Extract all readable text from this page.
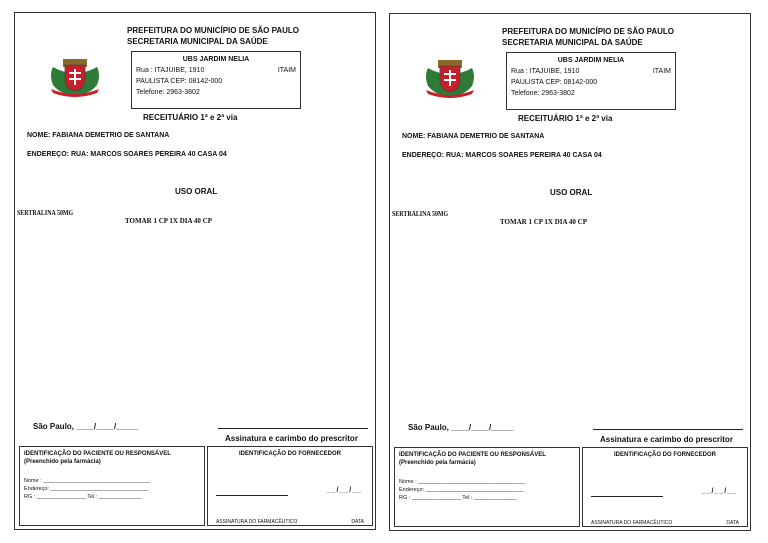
PREFEITURA DO MUNICÍPIO DE SÃO PAULO
SECRETARIA MUNICIPAL DA SAÚDE
UBS JARDIM NELIA
Rua : ITAJUIBE, 1910	ITAIM
PAULISTA CEP: 08142-000
Telefone: 2963-3802
RECEITUÁRIO 1ª e 2ª via
NOME: FABIANA DEMETRIO DE SANTANA
ENDEREÇO: RUA: MARCOS SOARES PEREIRA 40 CASA 04
USO ORAL
SERTRALINA 50MG
TOMAR 1 CP 1X DIA 40 CP
São Paulo, ____/____/_____
Assinatura e carimbo do prescritor
IDENTIFICAÇÃO DO PACIENTE OU RESPONSÁVEL
(Preenchido pela farmácia)
Nome : ___________________________________
Endereço: ________________________________
RG : ________________ Tel.: ______________
IDENTIFICAÇÃO DO FORNECEDOR
__/__/__
ASSINATURA DO FARMACÊUTICO	DATA
PREFEITURA DO MUNICÍPIO DE SÃO PAULO
SECRETARIA MUNICIPAL DA SAÚDE
UBS JARDIM NELIA
Rua : ITAJUIBE, 1910	ITAIM
PAULISTA CEP: 08142-000
Telefone: 2963-3802
RECEITUÁRIO 1ª e 2ª via
NOME: FABIANA DEMETRIO DE SANTANA
ENDEREÇO: RUA: MARCOS SOARES PEREIRA 40 CASA 04
USO ORAL
SERTRALINA 50MG
TOMAR 1 CP 1X DIA 40 CP
São Paulo, ____/____/_____
Assinatura e carimbo do prescritor
IDENTIFICAÇÃO DO PACIENTE OU RESPONSÁVEL
(Preenchido pela farmácia)
Nome : ___________________________________
Endereço: ________________________________
RG : ________________ Tel.: ______________
IDENTIFICAÇÃO DO FORNECEDOR
__/__/__
ASSINATURA DO FARMACÊUTICO	DATA
